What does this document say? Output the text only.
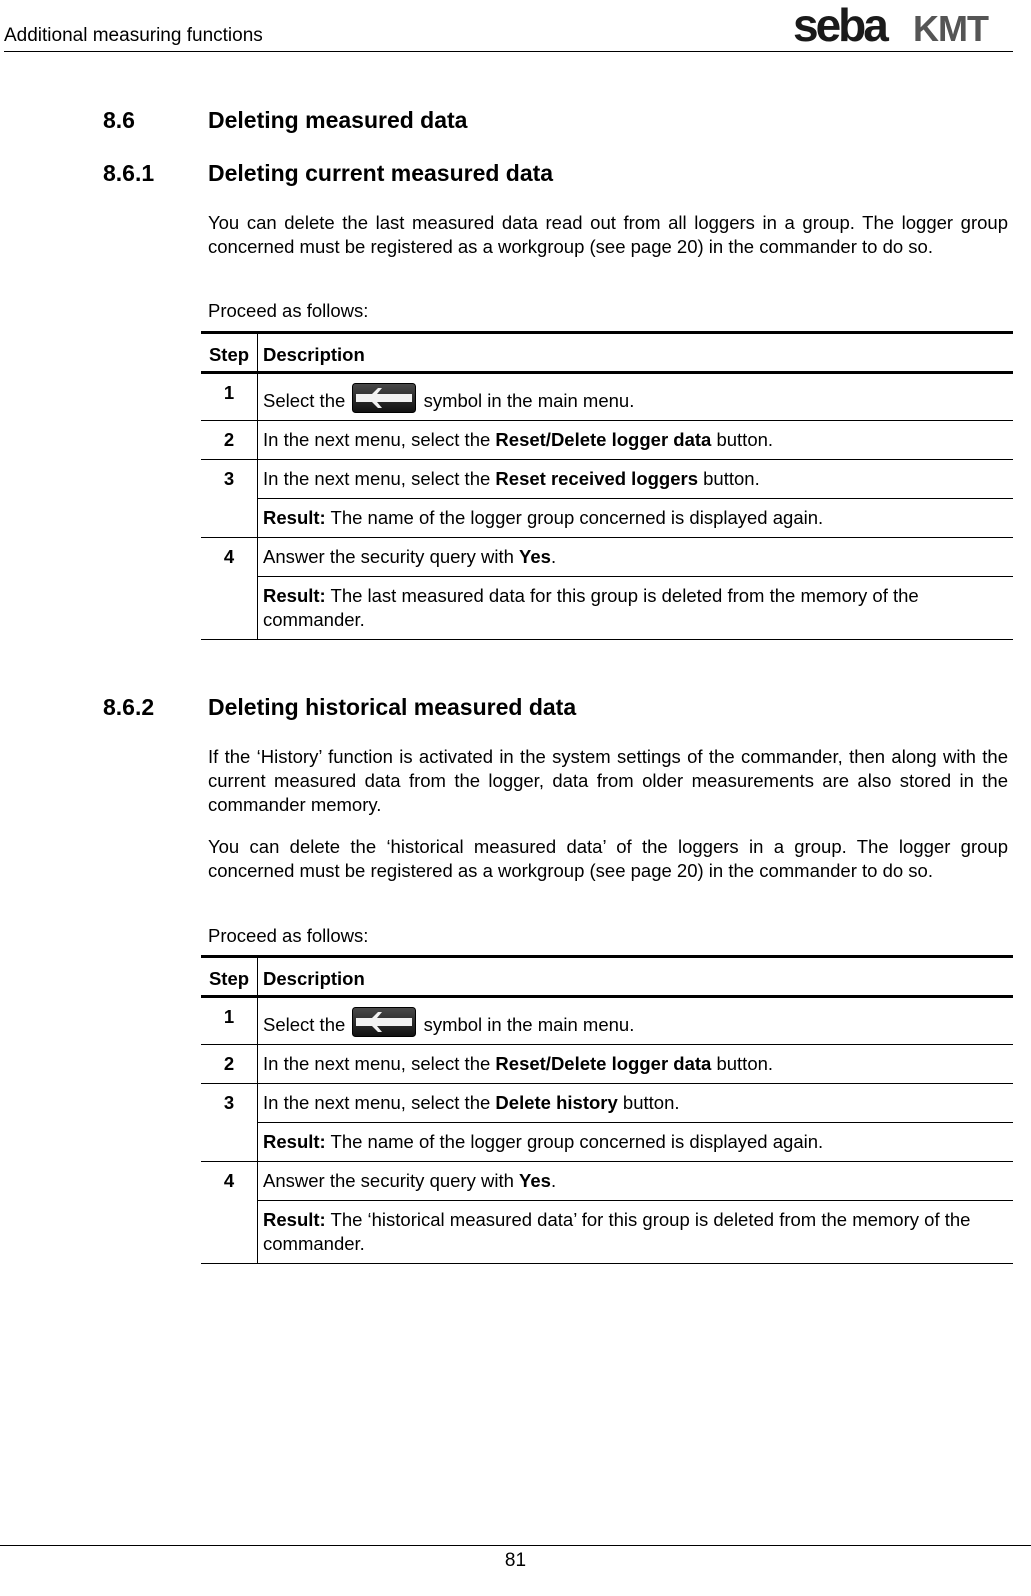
Additional measuring functions	seba KMT
8.6	Deleting measured data
8.6.1 Deleting current measured data
You can delete the last measured data read out from all loggers in a group. The logger group concerned must be registered as a workgroup (see page 20) in the commander to do so.
Proceed as follows:
Step	Description

1	Select the symbol in the main menu.

2	In the next menu, select the Reset/Delete logger data button.

3	In the next menu, select the Reset received loggers button.
	Result: The name of the logger group concerned is displayed again.

4	Answer the security query with Yes.
	Result: The last measured data for this group is deleted from the memory of the commander.
8.6.2 Deleting historical measured data
If the ‘History’ function is activated in the system settings of the commander, then along with the current measured data from the logger, data from older measurements are also stored in the commander memory.
You can delete the ‘historical measured data’ of the loggers in a group. The logger group concerned must be registered as a workgroup (see page 20) in the commander to do so.
Proceed as follows:
Step	Description

1	Select the symbol in the main menu.

2	In the next menu, select the Reset/Delete logger data button.

3	In the next menu, select the Delete history button.
	Result: The name of the logger group concerned is displayed again.

4	Answer the security query with Yes.
	Result: The ‘historical measured data’ for this group is deleted from the memory of the commander.
81
